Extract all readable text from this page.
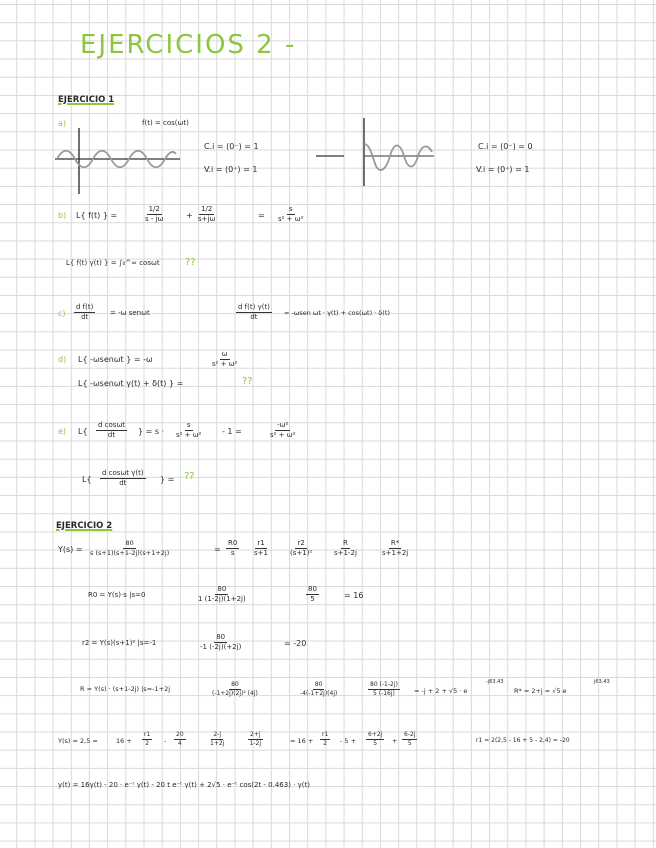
EJERCICIOS 2 -
EJERCICIO 1
a)	f(t) = cos(ωt)
C.i = (0⁻) = 1
V.i = (0⁺) = 1
C.i = (0⁻) = 0
V.i = (0⁺) = 1
b) L{ f(t) } =	$\frac{1/2}{s - j\omega}$	+ $\frac{1/2}{s+j\omega}$	= $\frac{s}{\text{s² + ω²}}$
L{ f(t) γ(t) } = ∫₀^∞ cosωt	??
$c) \frac{\text{d f(t)}}{dt} = -\omega$ senωt	$\frac{\text{d f(t) γ(t)}}{dt} = -\omega sen$ ωt · γ(t) + cos(ωt) · δ(t)
d) L{ -ωsenωt } = -ω	$\frac{\omega}{\text{s² + ω²}}$
L{ -ωsenωt γ(t) + δ(t) } =	??
e) $L\{ \frac{\text{d cosωt}}{dt}$ } = $s \cdot \frac{s}{\text{s² + ω²}}$	- 1 =	$\frac{\text{-ω²}}{\text{s² + ω²}}$
$L\{ \frac{\text{d cosωt γ(t)}}{dt}$ } = ??
EJERCICIO 2
$Y(s) = \frac{80}{s (s+1)(s+1-2j)(s+1+2j)}$	= $\frac{R0}{s} \frac{r1}{s+1}$	$\frac{r2}{\text{(s+1)²}}$	$\frac{R}{s+1-2j}$	$\frac{R*}{s+1+2j}$
R0 = Y(s)·s |s=0	$\frac{80}{1 (1-2j)(1+2j)}$	$\frac{80}{5}$	= 16
r2 = Y(s)(s+1)² |s=-1	$\frac{80}{-1 (-2j)(+2j)}$	= -20
R = Y(s) · (s+1-2j) |s=-1+2j	$\frac{80}{\text{(-1+2j)(2j)² (4j)}}$	$\frac{80}{-4(-1+2j)(4j)}$	$\frac{80 (-1-2j)}{5 (-16j)} = -j + 2 + √5 \cdot e$
-j63.43
R* = 2+j = √5 e
j63.43
Y(s) = 2,5 =	$16 + \frac{r1}{2} - \frac{20}{4}$	$\frac{2-j}{1+2j}$	$\frac{2+j}{1-2j}$	= $16 + \frac{r1}{2} - 5 + \frac{6+2j}{5} + \frac{6-2j}{5}$	r1 = 2(2,5 - 16 + 5 - 2,4) = -20
y(t) = 16γ(t) - 20 · e⁻ᵗ γ(t) - 20 t e⁻ᵗ γ(t) + 2√5 · e⁻ᵗ cos(2t - 0.463) · γ(t)
